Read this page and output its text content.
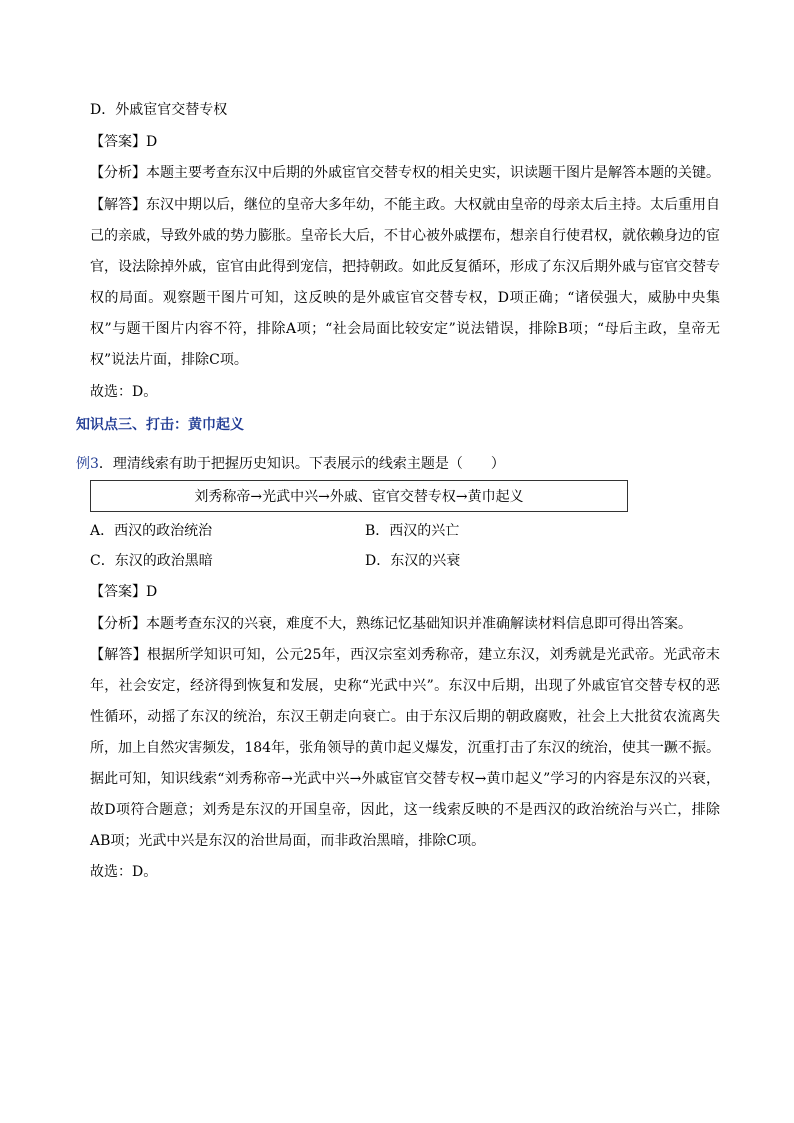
D．外戚宦官交替专权
【答案】D
【分析】本题主要考查东汉中后期的外戚宦官交替专权的相关史实，识读题干图片是解答本题的关键。
【解答】东汉中期以后，继位的皇帝大多年幼，不能主政。大权就由皇帝的母亲太后主持。太后重用自己的亲戚，导致外戚的势力膨胀。皇帝长大后，不甘心被外戚摆布，想亲自行使君权，就依赖身边的宦官，设法除掉外戚，宦官由此得到宠信，把持朝政。如此反复循环，形成了东汉后期外戚与宦官交替专权的局面。观察题干图片可知，这反映的是外戚宦官交替专权，D项正确；“诸侯强大，威胁中央集权”与题干图片内容不符，排除A项；“社会局面比较安定”说法错误，排除B项；“母后主政，皇帝无权”说法片面，排除C项。
故选：D。
知识点三、打击：黄巾起义
例3．理清线索有助于把握历史知识。下表展示的线索主题是（　　）
刘秀称帝→光武中兴→外戚、宦官交替专权→黄巾起义
A．西汉的政治统治	B．西汉的兴亡
C．东汉的政治黑暗	D．东汉的兴衰
【答案】D
【分析】本题考查东汉的兴衰，难度不大，熟练记忆基础知识并准确解读材料信息即可得出答案。
【解答】根据所学知识可知，公元25年，西汉宗室刘秀称帝，建立东汉，刘秀就是光武帝。光武帝末年，社会安定，经济得到恢复和发展，史称“光武中兴”。东汉中后期，出现了外戚宦官交替专权的恶性循环，动摇了东汉的统治，东汉王朝走向衰亡。由于东汉后期的朝政腐败，社会上大批贫农流离失所，加上自然灾害频发，184年，张角领导的黄巾起义爆发，沉重打击了东汉的统治，使其一蹶不振。据此可知，知识线索“刘秀称帝→光武中兴→外戚宦官交替专权→黄巾起义”学习的内容是东汉的兴衰，故D项符合题意；刘秀是东汉的开国皇帝，因此，这一线索反映的不是西汉的政治统治与兴亡，排除AB项；光武中兴是东汉的治世局面，而非政治黑暗，排除C项。
故选：D。
